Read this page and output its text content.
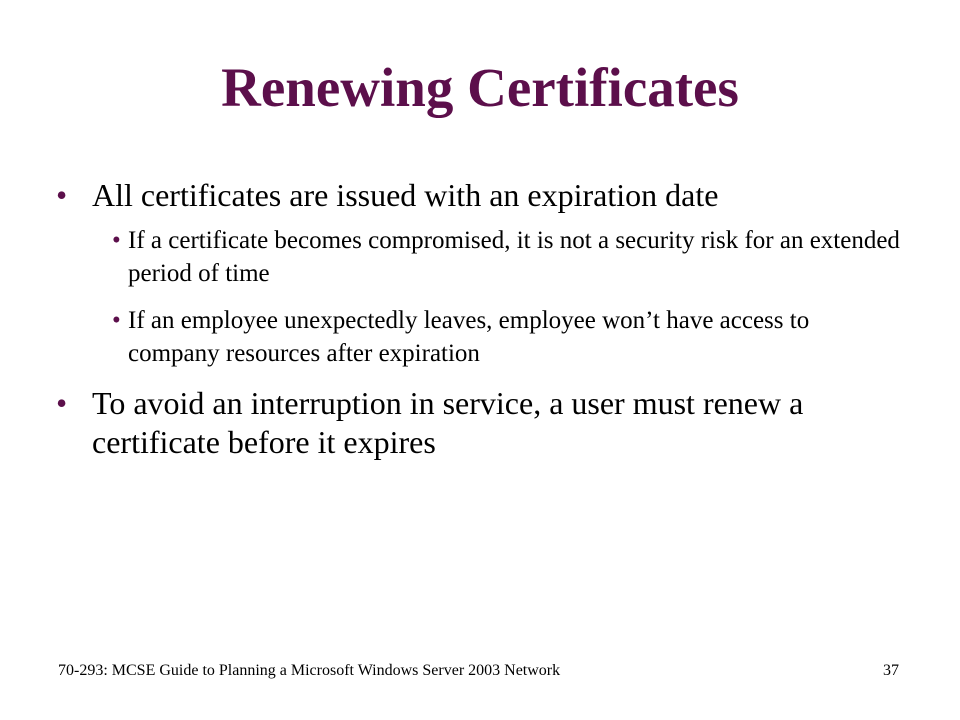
Renewing Certificates
• All certificates are issued with an expiration date
• If a certificate becomes compromised, it is not a security risk for an extended period of time
• If an employee unexpectedly leaves, employee won’t have access to company resources after expiration
• To avoid an interruption in service, a user must renew a certificate before it expires
70-293: MCSE Guide to Planning a Microsoft Windows Server 2003 Network	37
